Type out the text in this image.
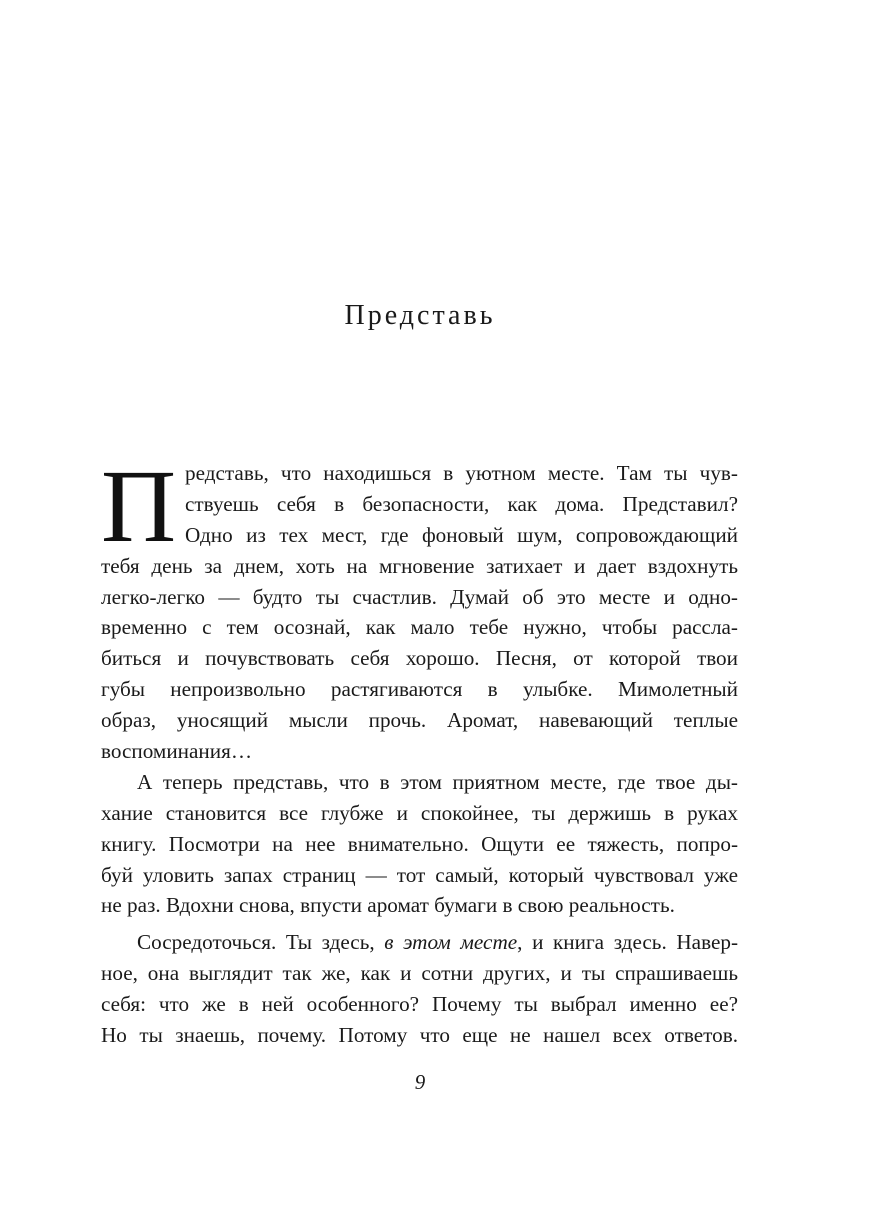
Представь
П редставь, что находишься в уютном месте. Там ты чув-
ствуешь себя в безопасности, как дома. Представил?
Одно из тех мест, где фоновый шум, сопровождающий
тебя день за днем, хоть на мгновение затихает и дает вздохнуть
легко-легко — будто ты счастлив. Думай об это месте и одно-
временно с тем осознай, как мало тебе нужно, чтобы рассла-
биться и почувствовать себя хорошо. Песня, от которой твои
губы непроизвольно растягиваются в улыбке. Мимолетный
образ, уносящий мысли прочь. Аромат, навевающий теплые
воспоминания…
А теперь представь, что в этом приятном месте, где твое ды-
хание становится все глубже и спокойнее, ты держишь в руках
книгу. Посмотри на нее внимательно. Ощути ее тяжесть, попро-
буй уловить запах страниц — тот самый, который чувствовал уже
не раз. Вдохни снова, впусти аромат бумаги в свою реальность.
Сосредоточься. Ты здесь, в этом месте, и книга здесь. Навер-
ное, она выглядит так же, как и сотни других, и ты спрашиваешь
себя: что же в ней особенного? Почему ты выбрал именно ее?
Но ты знаешь, почему. Потому что еще не нашел всех ответов.
9
